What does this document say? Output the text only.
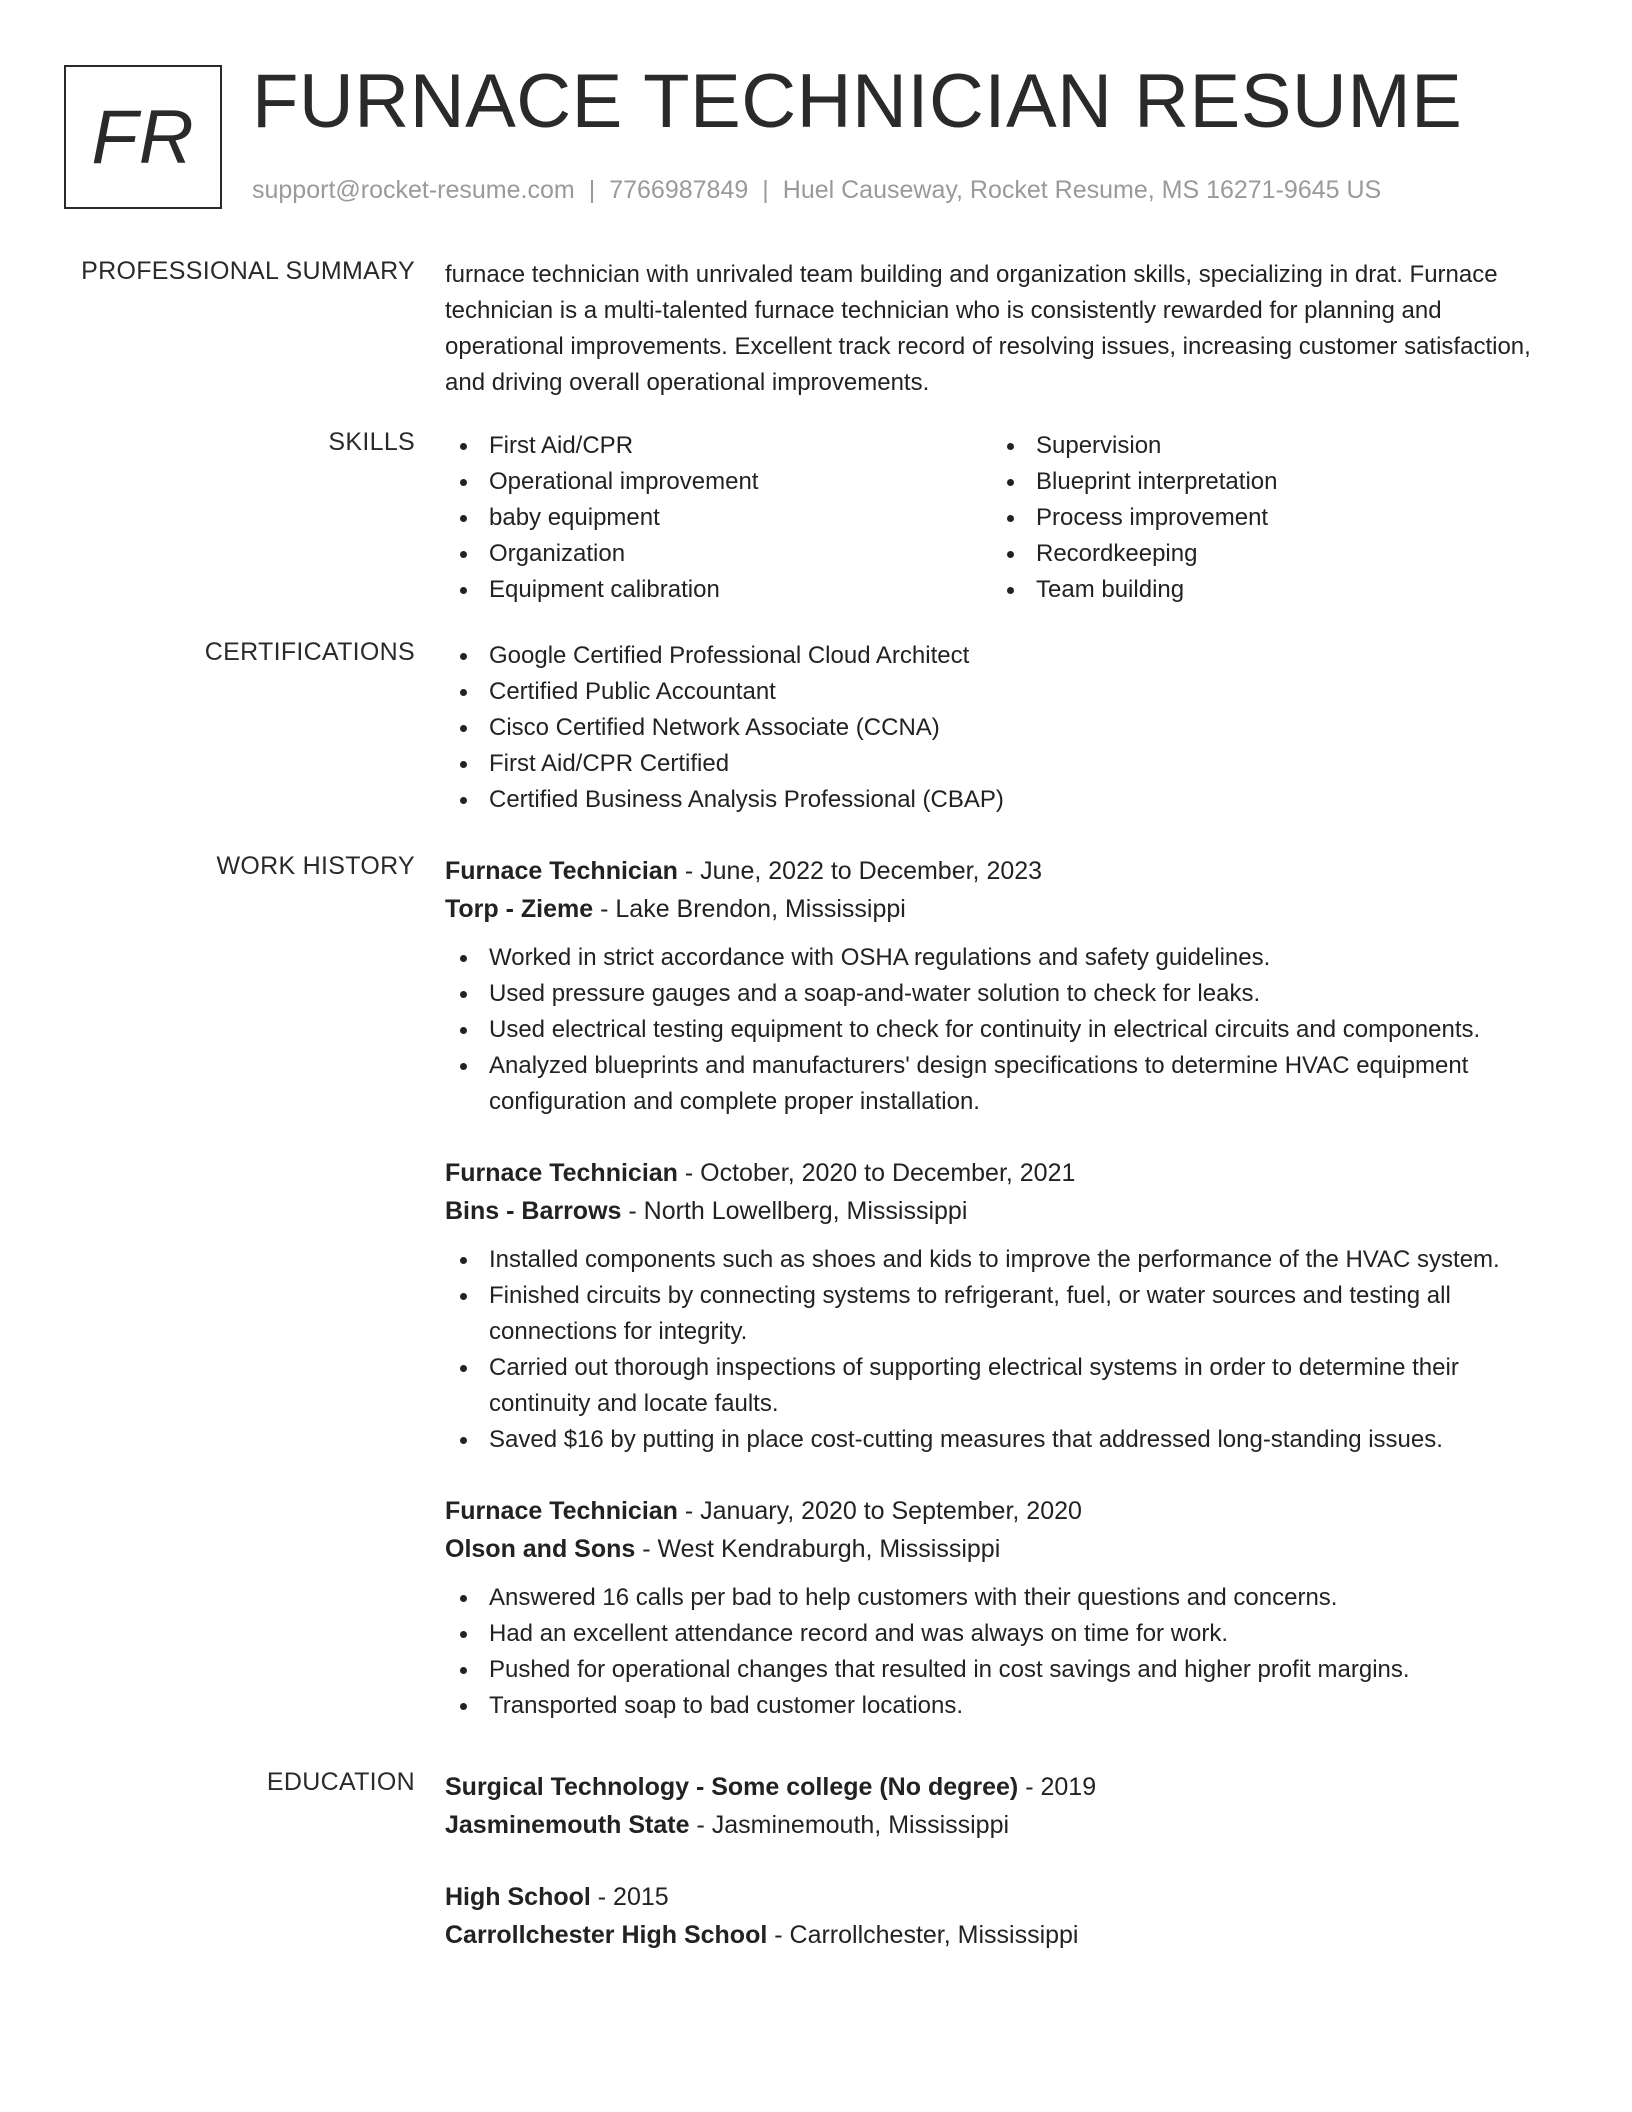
FR FURNACE TECHNICIAN RESUME
support@rocket-resume.com | 7766987849 | Huel Causeway, Rocket Resume, MS 16271-9645 US
PROFESSIONAL SUMMARY furnace technician with unrivaled team building and organization skills, specializing in drat. Furnace technician is a multi-talented furnace technician who is consistently rewarded for planning and operational improvements. Excellent track record of resolving issues, increasing customer satisfaction, and driving overall operational improvements.
SKILLS	First Aid/CPR
Operational improvement
baby equipment
Organization
Equipment calibration
Supervision
Blueprint interpretation
Process improvement
Recordkeeping
Team building
CERTIFICATIONS	Google Certified Professional Cloud Architect
Certified Public Accountant
Cisco Certified Network Associate (CCNA)
First Aid/CPR Certified
Certified Business Analysis Professional (CBAP)
WORK HISTORY Furnace Technician - June, 2022 to December, 2023
Torp - Zieme - Lake Brendon, Mississippi
Worked in strict accordance with OSHA regulations and safety guidelines.
Used pressure gauges and a soap-and-water solution to check for leaks.
Used electrical testing equipment to check for continuity in electrical circuits and components.
Analyzed blueprints and manufacturers' design specifications to determine HVAC equipment configuration and complete proper installation.
Furnace Technician - October, 2020 to December, 2021
Bins - Barrows - North Lowellberg, Mississippi
Installed components such as shoes and kids to improve the performance of the HVAC system.
Finished circuits by connecting systems to refrigerant, fuel, or water sources and testing all connections for integrity.
Carried out thorough inspections of supporting electrical systems in order to determine their continuity and locate faults.
Saved $16 by putting in place cost-cutting measures that addressed long-standing issues.
Furnace Technician - January, 2020 to September, 2020
Olson and Sons - West Kendraburgh, Mississippi
Answered 16 calls per bad to help customers with their questions and concerns.
Had an excellent attendance record and was always on time for work.
Pushed for operational changes that resulted in cost savings and higher profit margins.
Transported soap to bad customer locations.
EDUCATION Surgical Technology - Some college (No degree) - 2019
Jasminemouth State - Jasminemouth, Mississippi
High School - 2015
Carrollchester High School - Carrollchester, Mississippi
